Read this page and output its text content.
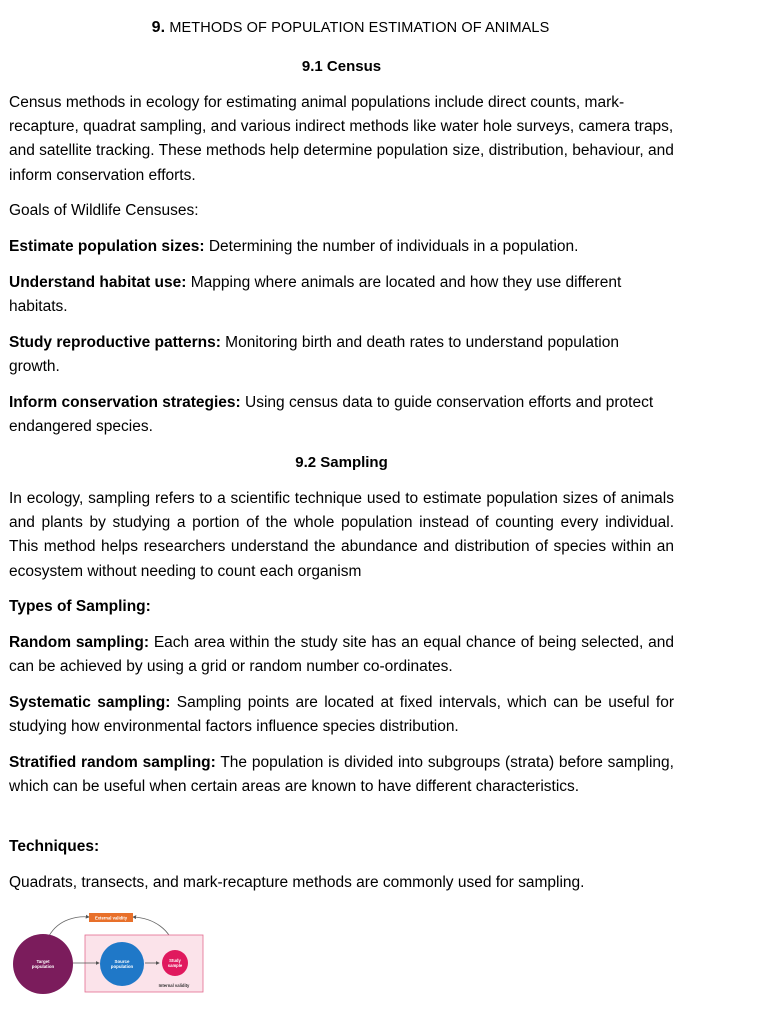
9. METHODS OF POPULATION ESTIMATION OF ANIMALS
9.1 Census

Census methods in ecology for estimating animal populations include direct counts, mark-recapture, quadrat sampling, and various indirect methods like water hole surveys, camera traps, and satellite tracking. These methods help determine population size, distribution, behaviour, and inform conservation efforts.

Goals of Wildlife Censuses:

Estimate population sizes: Determining the number of individuals in a population.

Understand habitat use: Mapping where animals are located and how they use different habitats.

Study reproductive patterns: Monitoring birth and death rates to understand population growth.

Inform conservation strategies: Using census data to guide conservation efforts and protect endangered species.

9.2 Sampling

In ecology, sampling refers to a scientific technique used to estimate population sizes of animals and plants by studying a portion of the whole population instead of counting every individual. This method helps researchers understand the abundance and distribution of species within an ecosystem without needing to count each organism

Types of Sampling:

Random sampling: Each area within the study site has an equal chance of being selected, and can be achieved by using a grid or random number co-ordinates.

Systematic sampling: Sampling points are located at fixed intervals, which can be useful for studying how environmental factors influence species distribution.

Stratified random sampling: The population is divided into subgroups (strata) before sampling, which can be useful when certain areas are known to have different characteristics.

Techniques:

Quadrats, transects, and mark-recapture methods are commonly used for sampling.

External validity
Target
population
Source
population
Study
sample
Internal validity
